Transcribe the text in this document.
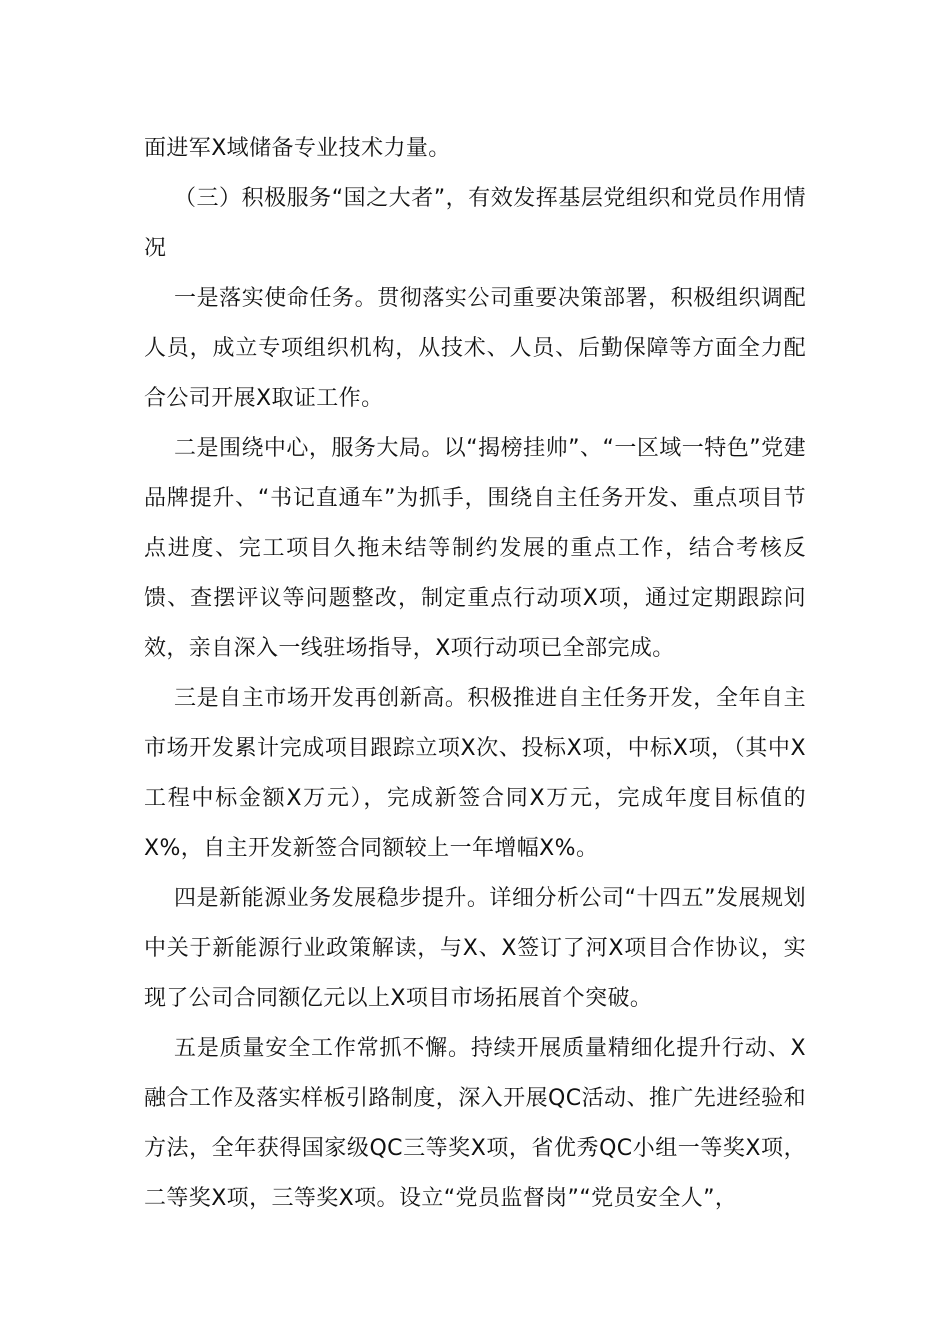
面进军X域储备专业技术力量。

（三）积极服务“国之大者”，有效发挥基层党组织和党员作用情况

一是落实使命任务。贯彻落实公司重要决策部署，积极组织调配人员，成立专项组织机构，从技术、人员、后勤保障等方面全力配合公司开展X取证工作。

二是围绕中心，服务大局。以“揭榜挂帅”、“一区域一特色”党建品牌提升、“书记直通车”为抓手，围绕自主任务开发、重点项目节点进度、完工项目久拖未结等制约发展的重点工作，结合考核反馈、查摆评议等问题整改，制定重点行动项X项，通过定期跟踪问效，亲自深入一线驻场指导，X项行动项已全部完成。

三是自主市场开发再创新高。积极推进自主任务开发，全年自主市场开发累计完成项目跟踪立项X次、投标X项，中标X项，（其中X工程中标金额X万元），完成新签合同X万元，完成年度目标值的X%，自主开发新签合同额较上一年增幅X%。

四是新能源业务发展稳步提升。详细分析公司“十四五”发展规划中关于新能源行业政策解读，与X、X签订了河X项目合作协议，实现了公司合同额亿元以上X项目市场拓展首个突破。

五是质量安全工作常抓不懈。持续开展质量精细化提升行动、X融合工作及落实样板引路制度，深入开展QC活动、推广先进经验和方法，全年获得国家级QC三等奖X项，省优秀QC小组一等奖X项，二等奖X项，三等奖X项。设立“党员监督岗”“党员安全人”，
